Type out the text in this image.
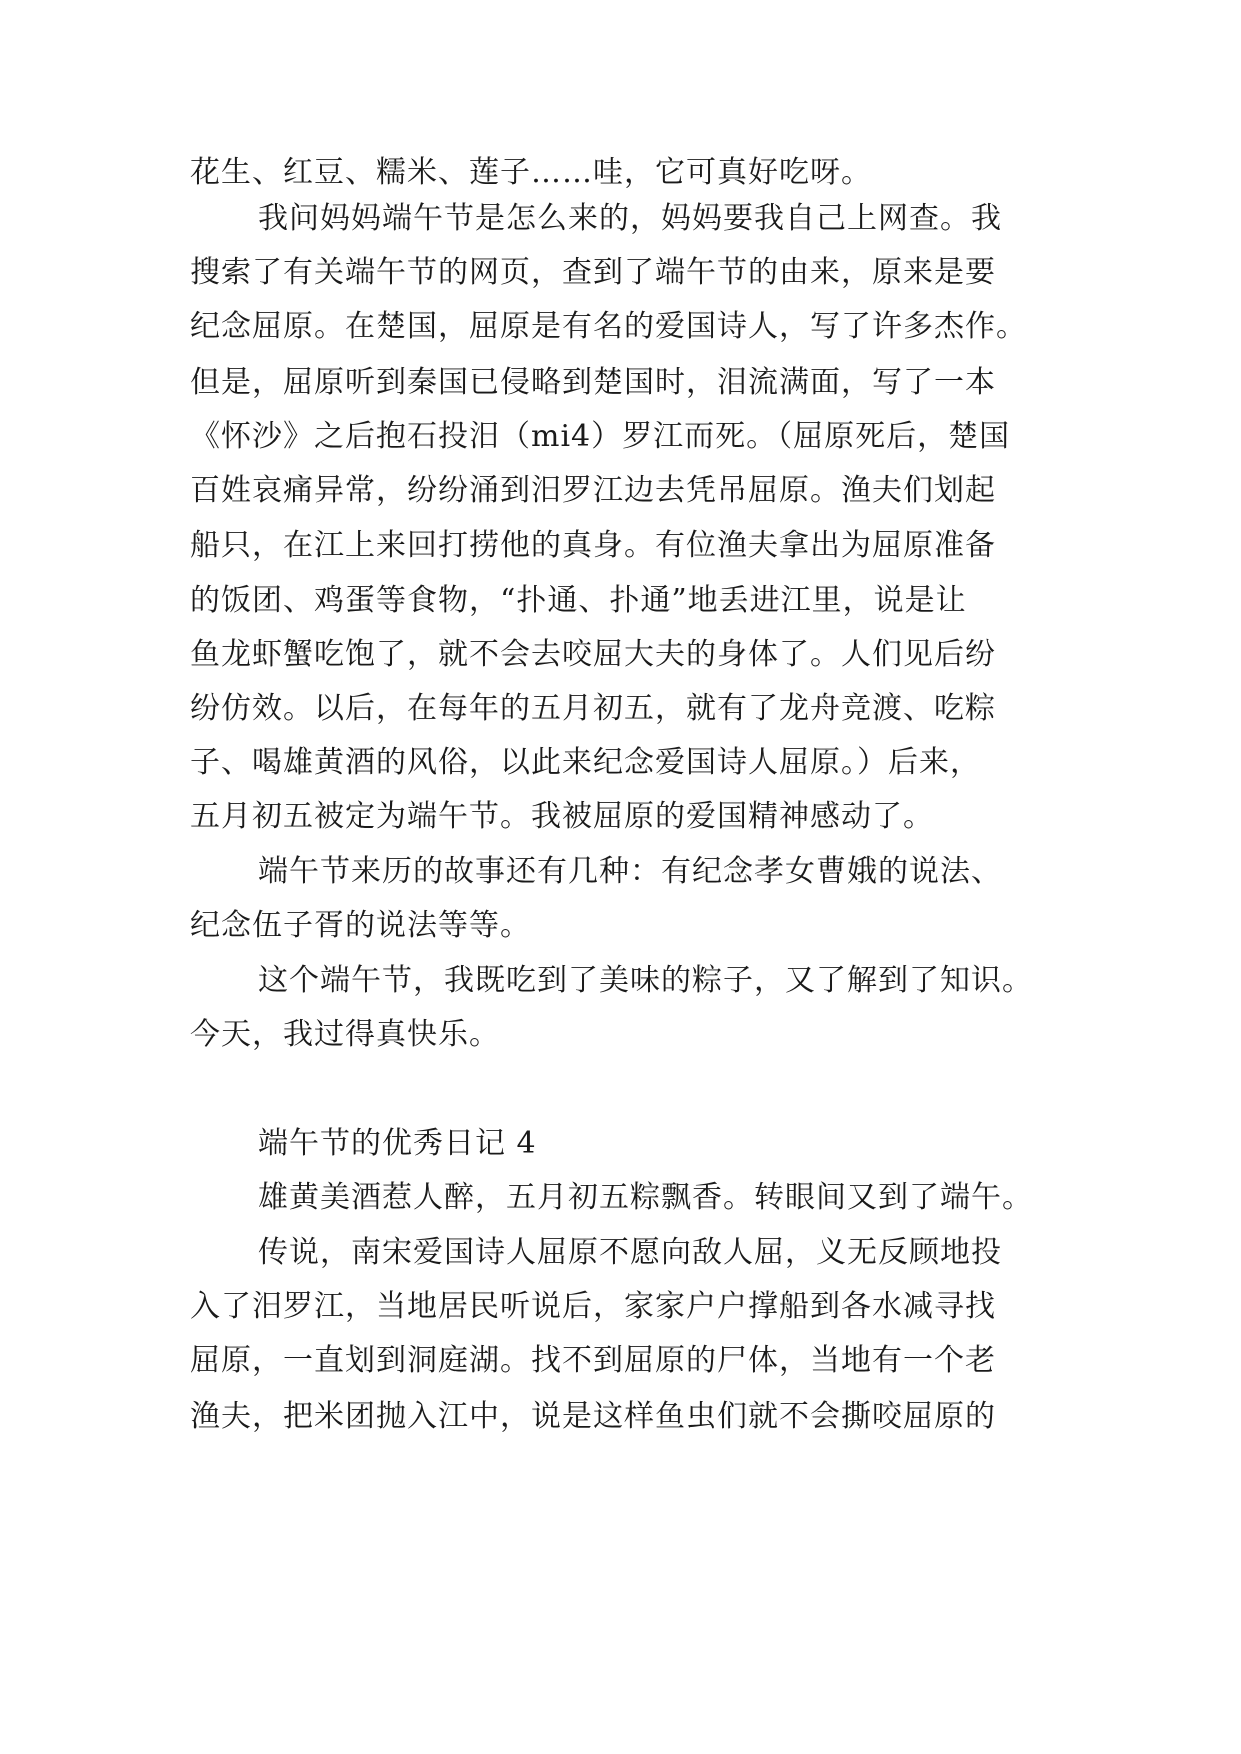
花生、红豆、糯米、莲子……哇，它可真好吃呀。
我问妈妈端午节是怎么来的，妈妈要我自己上网查。我
搜索了有关端午节的网页，查到了端午节的由来，原来是要
纪念屈原。在楚国，屈原是有名的爱国诗人，写了许多杰作。
但是，屈原听到秦国已侵略到楚国时，泪流满面，写了一本
《怀沙》之后抱石投汨（mi4）罗江而死。（屈原死后，楚国
百姓哀痛异常，纷纷涌到汨罗江边去凭吊屈原。渔夫们划起
船只，在江上来回打捞他的真身。有位渔夫拿出为屈原准备
的饭团、鸡蛋等食物，“扑通、扑通”地丢进江里，说是让
鱼龙虾蟹吃饱了，就不会去咬屈大夫的身体了。人们见后纷
纷仿效。以后，在每年的五月初五，就有了龙舟竞渡、吃粽
子、喝雄黄酒的风俗，以此来纪念爱国诗人屈原。）后来，
五月初五被定为端午节。我被屈原的爱国精神感动了。
端午节来历的故事还有几种：有纪念孝女曹娥的说法、
纪念伍子胥的说法等等。
这个端午节，我既吃到了美味的粽子，又了解到了知识。
今天，我过得真快乐。
端午节的优秀日记 4
雄黄美酒惹人醉，五月初五粽飘香。转眼间又到了端午。
传说，南宋爱国诗人屈原不愿向敌人屈，义无反顾地投
入了汨罗江，当地居民听说后，家家户户撑船到各水减寻找
屈原，一直划到洞庭湖。找不到屈原的尸体，当地有一个老
渔夫，把米团抛入江中，说是这样鱼虫们就不会撕咬屈原的
